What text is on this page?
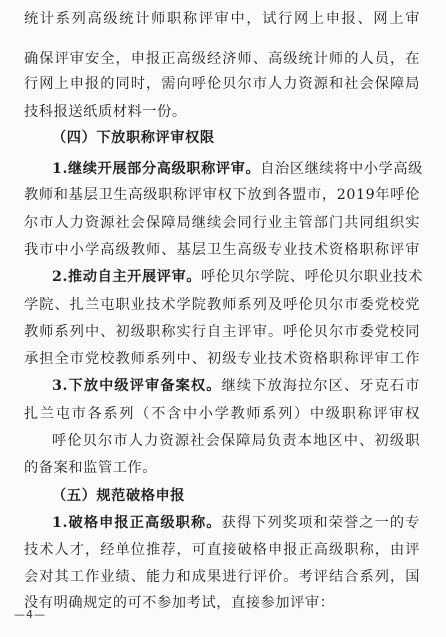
统计系列高级统计师职称评审中，试行网上申报、网上审
确保评审安全，申报正高级经济师、高级统计师的人员，在
行网上申报的同时，需向呼伦贝尔市人力资源和社会保障局
技科报送纸质材料一份。
（四）下放职称评审权限
1.继续开展部分高级职称评审。自治区继续将中小学高级
教师和基层卫生高级职称评审权下放到各盟市，2019年呼伦
尔市人力资源社会保障局继续会同行业主管部门共同组织实
我市中小学高级教师、基层卫生高级专业技术资格职称评审
2.推动自主开展评审。呼伦贝尔学院、呼伦贝尔职业技术
学院、扎兰屯职业技术学院教师系列及呼伦贝尔市委党校党
教师系列中、初级职称实行自主评审。呼伦贝尔市委党校同
承担全市党校教师系列中、初级专业技术资格职称评审工作
3.下放中级评审备案权。继续下放海拉尔区、牙克石市
扎兰屯市各系列（不含中小学教师系列）中级职称评审权
呼伦贝尔市人力资源社会保障局负责本地区中、初级职
的备案和监管工作。
（五）规范破格申报
1.破格申报正高级职称。获得下列奖项和荣誉之一的专
技术人才，经单位推荐，可直接破格申报正高级职称，由评
会对其工作业绩、能力和成果进行评价。考评结合系列，国
没有明确规定的可不参加考试，直接参加评审：
—4—
